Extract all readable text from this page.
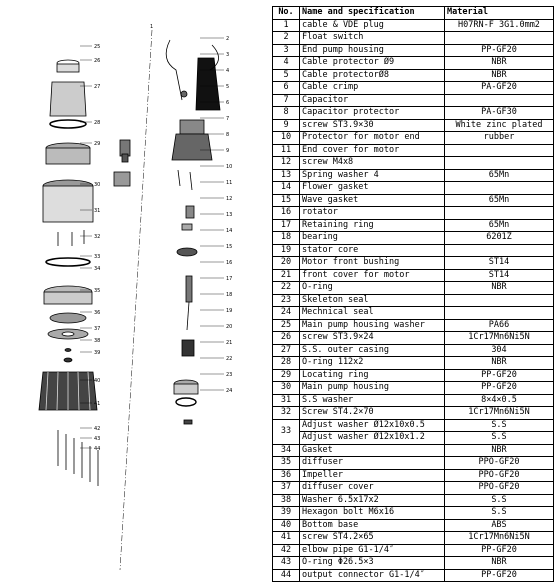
25
26
27
28
29
30
31
32
33
34
35
36
37
38
39
40
41
42
43
44
2
3
4
5
6
7
8
9
10
11
12
13
14
15
16
17
18
19
20
21
22
23
24
1
No.	Name and specification	Material
1	cable & VDE plug	H07RN-F 3G1.0mm2
2	Float switch	
3	End pump housing	PP-GF20
4	Cable protector Ø9	NBR
5	Cable protectorØ8	NBR
6	Cable crimp	PA-GF20
7	Capacitor	
8	Capacitor protector	PA-GF30
9	screw ST3.9×30	White zinc plated
10	Protector for motor end	rubber
11	End cover for motor	
12	screw M4x8	
13	Spring washer 4	65Mn
14	Flower gasket	
15	Wave gasket	65Mn
16	rotator	
17	Retaining ring	65Mn
18	bearing	6201Z
19	stator core	
20	Motor front bushing	ST14
21	front cover for motor	ST14
22	O-ring	NBR
23	Skeleton seal	
24	Mechnical seal	
25	Main pump housing washer	PA66
26	screw ST3.9×24	1Cr17Mn6Ni5N
27	S.S. outer casing	304
28	O-ring 112x2	NBR
29	Locating ring	PP-GF20
30	Main pump housing	PP-GF20
31	S.S washer	8×4×0.5
32	Screw ST4.2×70	1Cr17Mn6Ni5N
33	Adjust washer Ø12x10x0.5	S.S
	Adjust washer Ø12x10x1.2	S.S
34	Gasket	NBR
35	diffuser	PPO-GF20
36	Impeller	PPO-GF20
37	diffuser cover	PPO-GF20
38	Washer 6.5x17x2	S.S
39	Hexagon bolt M6x16	S.S
40	Bottom base	ABS
41	screw ST4.2×65	1Cr17Mn6Ni5N
42	elbow pipe G1-1/4″	PP-GF20
43	O-ring Φ26.5×3	NBR
44	output connector G1-1/4″	PP-GF20
